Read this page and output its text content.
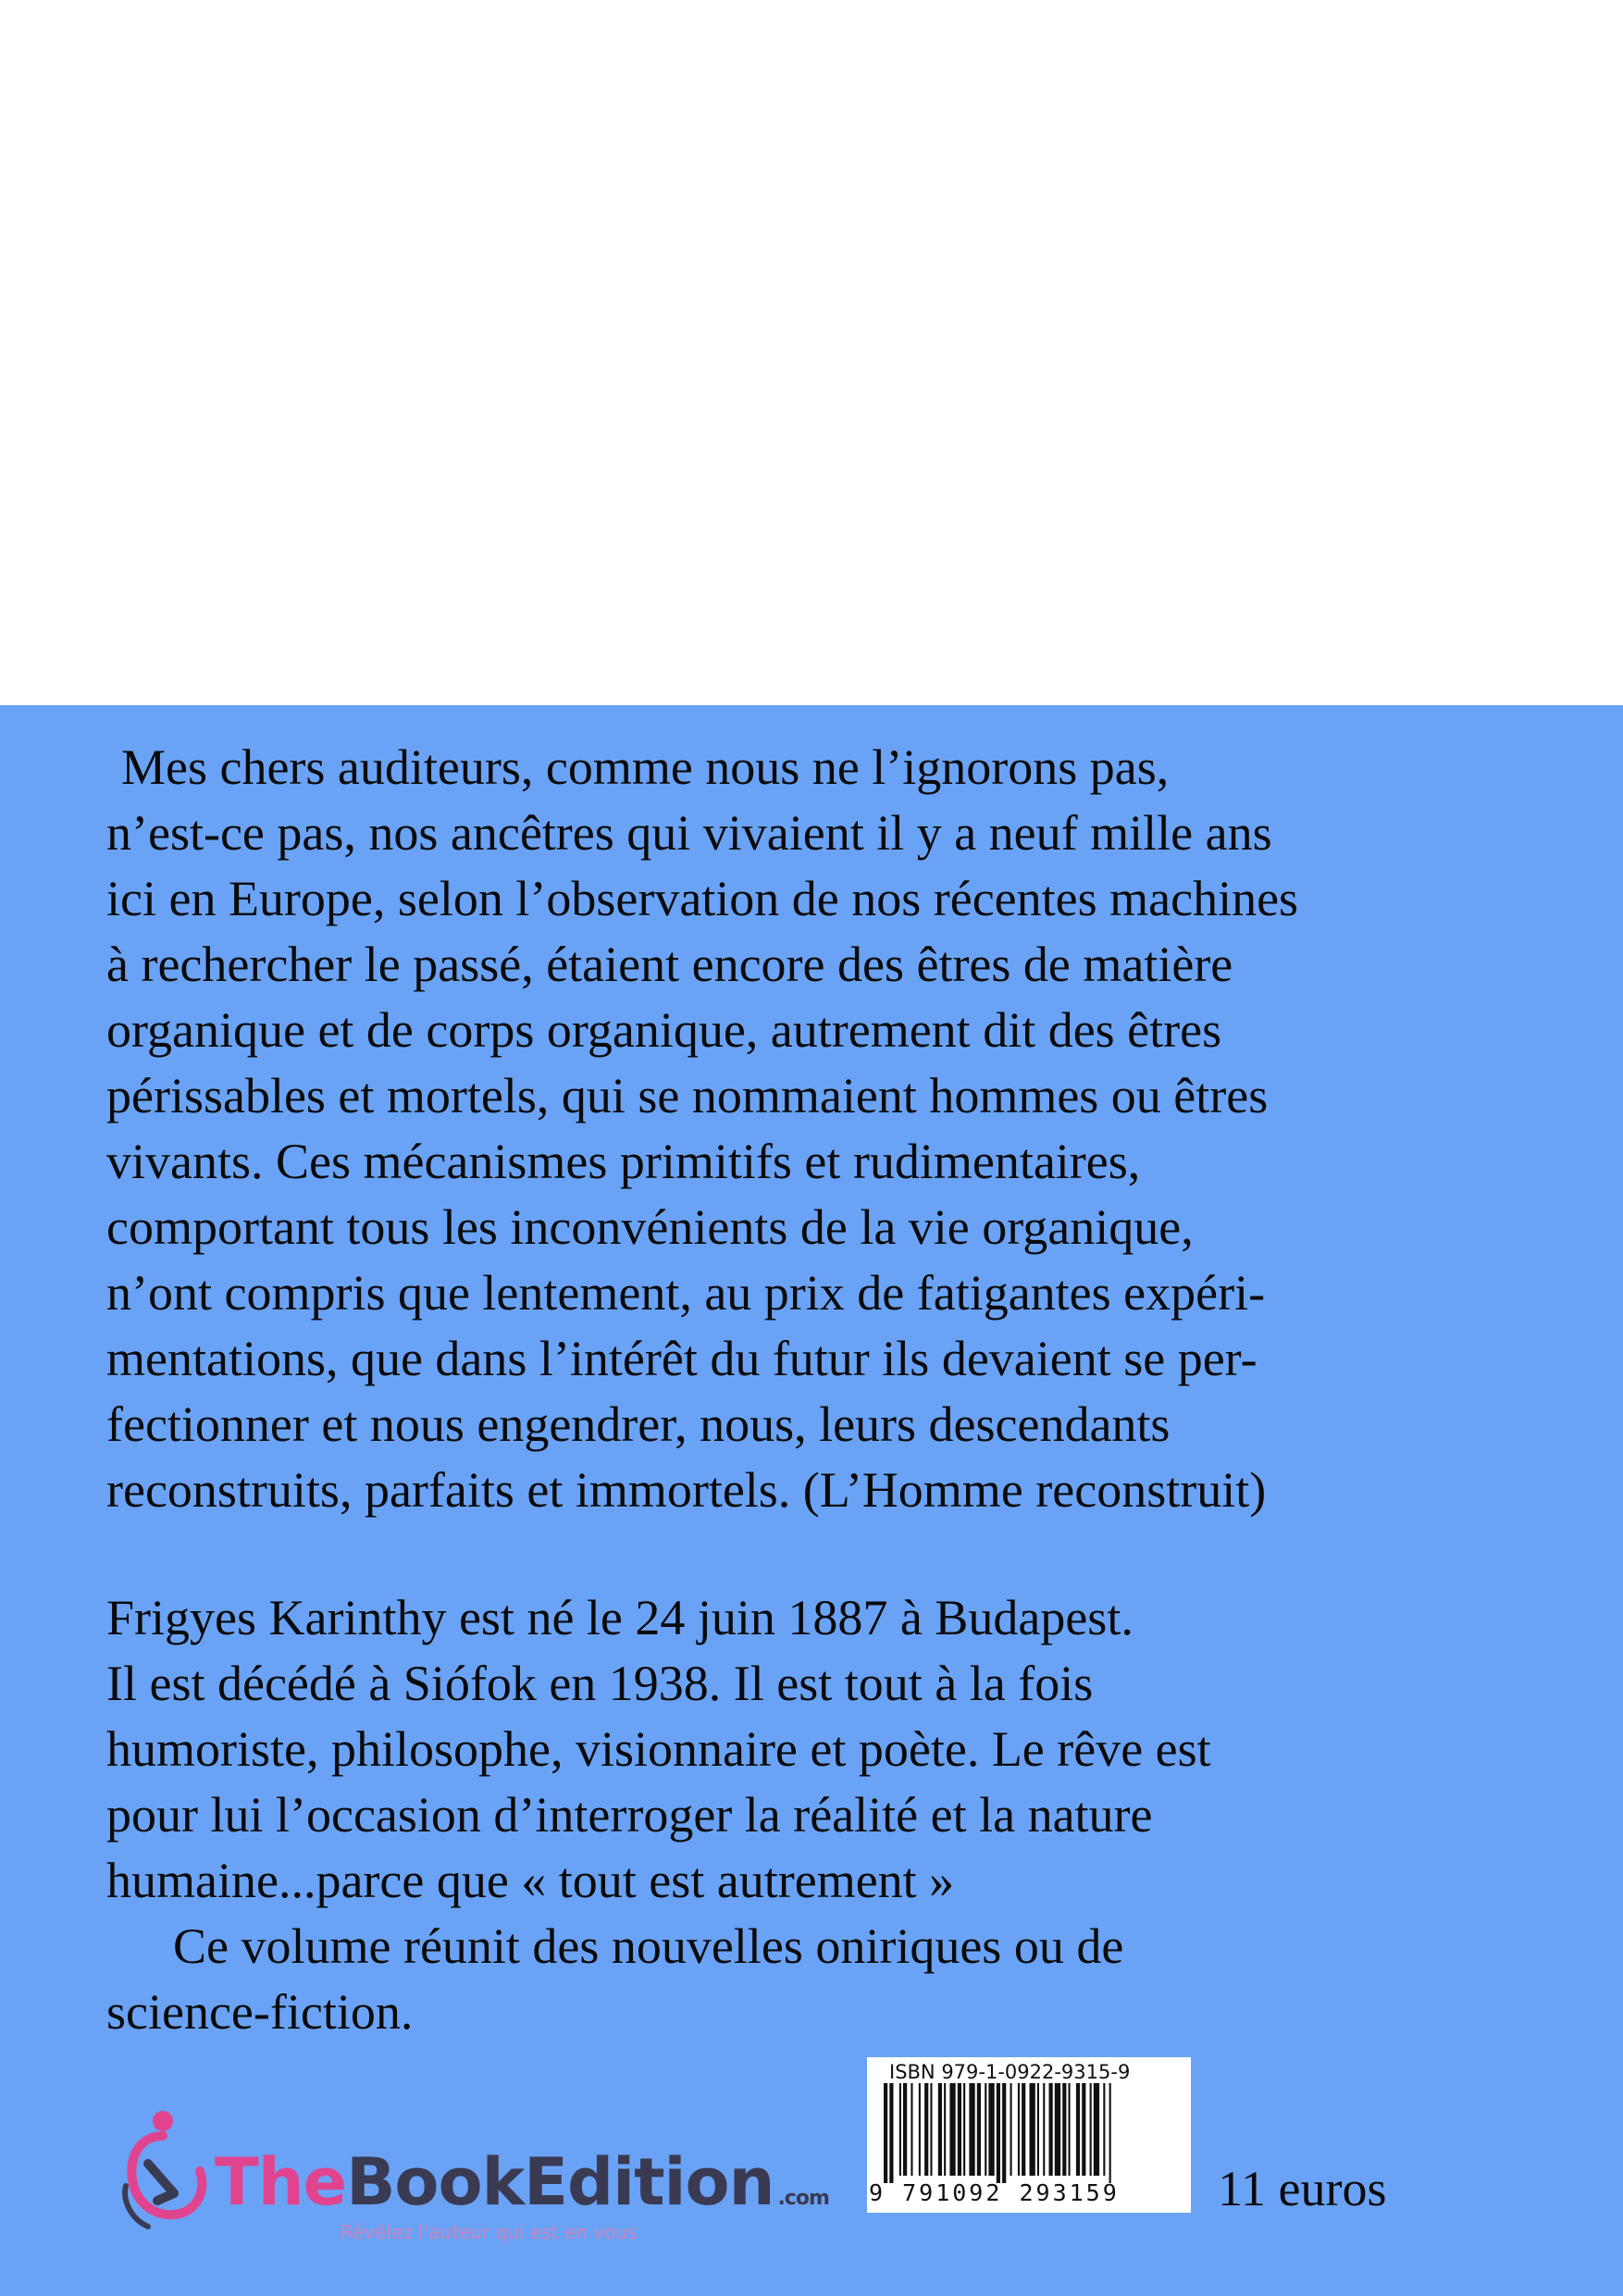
Mes chers auditeurs, comme nous ne l’ignorons pas,
n’est-ce pas, nos ancêtres qui vivaient il y a neuf mille ans
ici en Europe, selon l’observation de nos récentes machines
à rechercher le passé, étaient encore des êtres de matière
organique et de corps organique, autrement dit des êtres
périssables et mortels, qui se nommaient hommes ou êtres
vivants. Ces mécanismes primitifs et rudimentaires,
comportant tous les inconvénients de la vie organique,
n’ont compris que lentement, au prix de fatigantes expéri-
mentations, que dans l’intérêt du futur ils devaient se per-
fectionner et nous engendrer, nous, leurs descendants
reconstruits, parfaits et immortels. (L’Homme reconstruit)
Frigyes Karinthy est né le 24 juin 1887 à Budapest.
Il est décédé à Siófok en 1938. Il est tout à la fois
humoriste, philosophe, visionnaire et poète. Le rêve est
pour lui l’occasion d’interroger la réalité et la nature
humaine...parce que « tout est autrement »
Ce volume réunit des nouvelles oniriques ou de
science-fiction.
TheBookEdition .com
Révélez l'auteur qui est en vous
ISBN 979-1-0922-9315-9
9 791092 293159 11 euros
